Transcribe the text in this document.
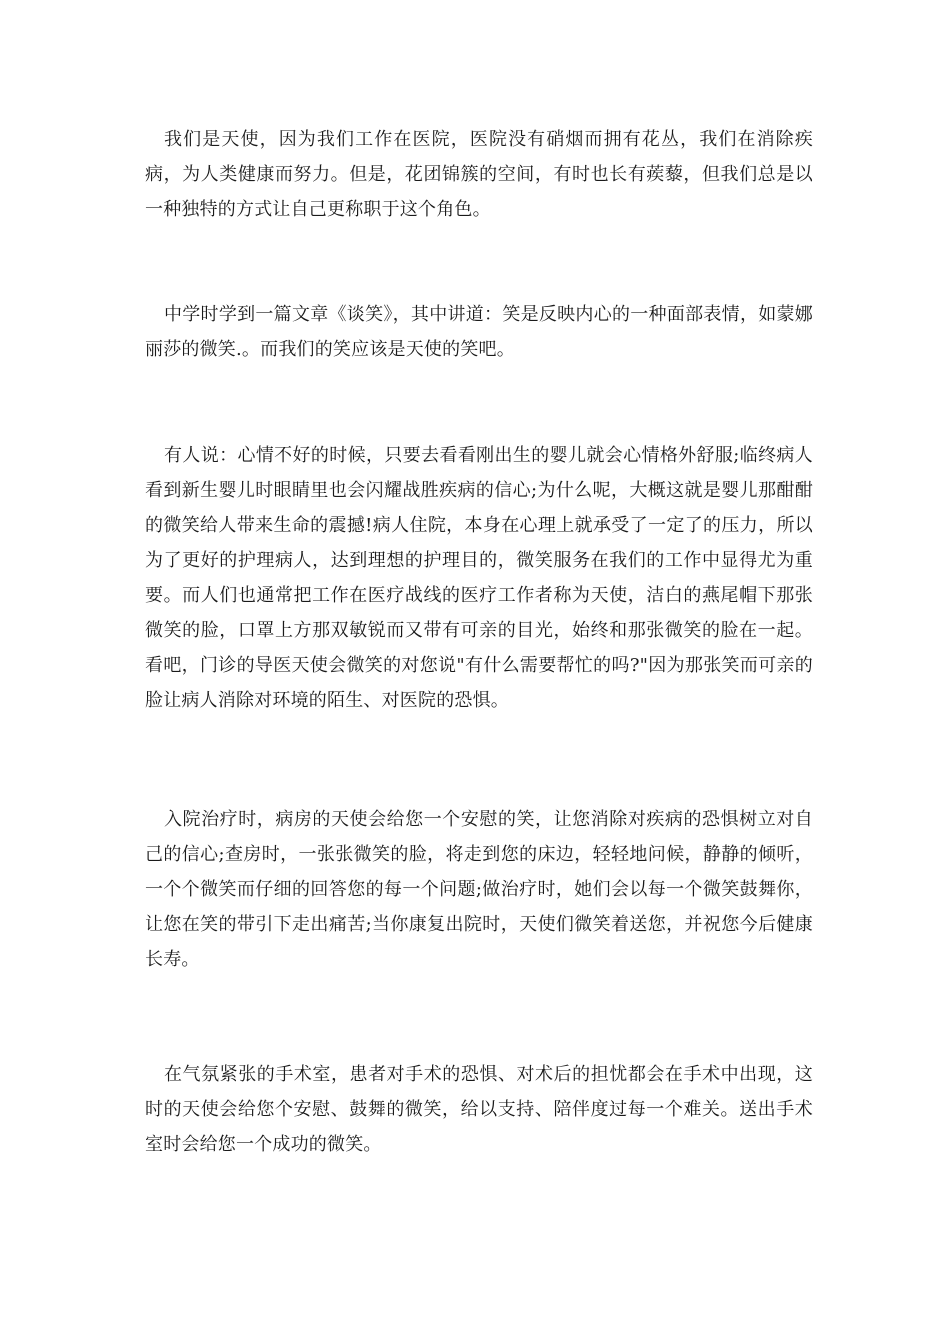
我们是天使，因为我们工作在医院，医院没有硝烟而拥有花丛，我们在消除疾病，为人类健康而努力。但是，花团锦簇的空间，有时也长有蒺藜，但我们总是以一种独特的方式让自己更称职于这个角色。

中学时学到一篇文章《谈笑》，其中讲道：笑是反映内心的一种面部表情，如蒙娜丽莎的微笑.。而我们的笑应该是天使的笑吧。

有人说：心情不好的时候，只要去看看刚出生的婴儿就会心情格外舒服;临终病人看到新生婴儿时眼睛里也会闪耀战胜疾病的信心;为什么呢，大概这就是婴儿那酣酣的微笑给人带来生命的震撼!病人住院，本身在心理上就承受了一定了的压力，所以为了更好的护理病人，达到理想的护理目的，微笑服务在我们的工作中显得尤为重要。而人们也通常把工作在医疗战线的医疗工作者称为天使，洁白的燕尾帽下那张微笑的脸，口罩上方那双敏锐而又带有可亲的目光，始终和那张微笑的脸在一起。看吧，门诊的导医天使会微笑的对您说"有什么需要帮忙的吗?"因为那张笑而可亲的脸让病人消除对环境的陌生、对医院的恐惧。

入院治疗时，病房的天使会给您一个安慰的笑，让您消除对疾病的恐惧树立对自己的信心;查房时，一张张微笑的脸，将走到您的床边，轻轻地问候，静静的倾听，一个个微笑而仔细的回答您的每一个问题;做治疗时，她们会以每一个微笑鼓舞你，让您在笑的带引下走出痛苦;当你康复出院时，天使们微笑着送您，并祝您今后健康长寿。

在气氛紧张的手术室，患者对手术的恐惧、对术后的担忧都会在手术中出现，这时的天使会给您个安慰、鼓舞的微笑，给以支持、陪伴度过每一个难关。送出手术室时会给您一个成功的微笑。
